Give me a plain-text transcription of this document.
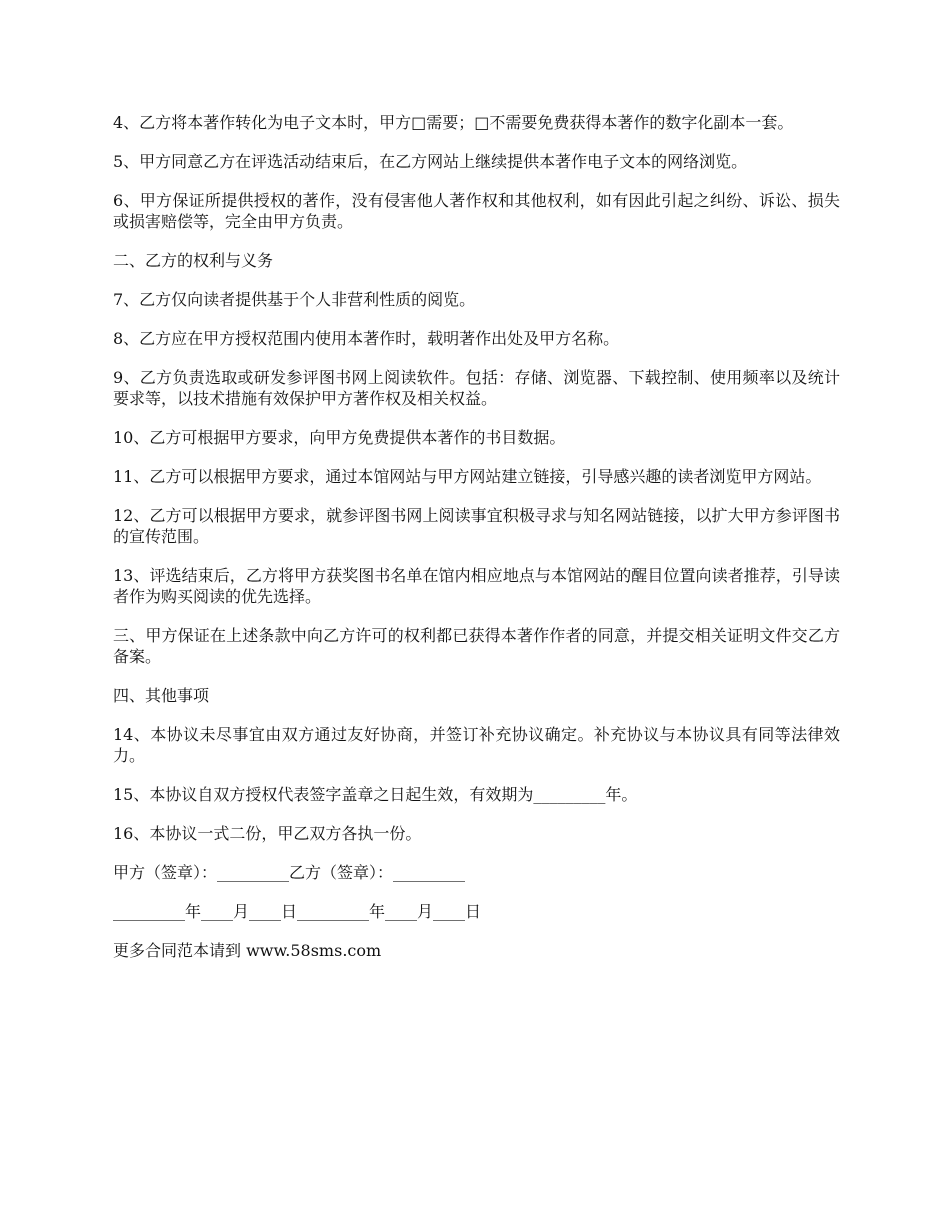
4、乙方将本著作转化为电子文本时，甲方□需要；□不需要免费获得本著作的数字化副本一套。

5、甲方同意乙方在评选活动结束后，在乙方网站上继续提供本著作电子文本的网络浏览。

6、甲方保证所提供授权的著作，没有侵害他人著作权和其他权利，如有因此引起之纠纷、诉讼、损失或损害赔偿等，完全由甲方负责。

二、乙方的权利与义务

7、乙方仅向读者提供基于个人非营利性质的阅览。

8、乙方应在甲方授权范围内使用本著作时，载明著作出处及甲方名称。

9、乙方负责选取或研发参评图书网上阅读软件。包括：存储、浏览器、下载控制、使用频率以及统计要求等，以技术措施有效保护甲方著作权及相关权益。

10、乙方可根据甲方要求，向甲方免费提供本著作的书目数据。

11、乙方可以根据甲方要求，通过本馆网站与甲方网站建立链接，引导感兴趣的读者浏览甲方网站。

12、乙方可以根据甲方要求，就参评图书网上阅读事宜积极寻求与知名网站链接，以扩大甲方参评图书的宣传范围。

13、评选结束后，乙方将甲方获奖图书名单在馆内相应地点与本馆网站的醒目位置向读者推荐，引导读者作为购买阅读的优先选择。

三、甲方保证在上述条款中向乙方许可的权利都已获得本著作作者的同意，并提交相关证明文件交乙方备案。

四、其他事项

14、本协议未尽事宜由双方通过友好协商，并签订补充协议确定。补充协议与本协议具有同等法律效力。

15、本协议自双方授权代表签字盖章之日起生效，有效期为_________年。

16、本协议一式二份，甲乙双方各执一份。

甲方（签章）：_________乙方（签章）：_________

_________年____月____日_________年____月____日

更多合同范本请到 www.58sms.com
